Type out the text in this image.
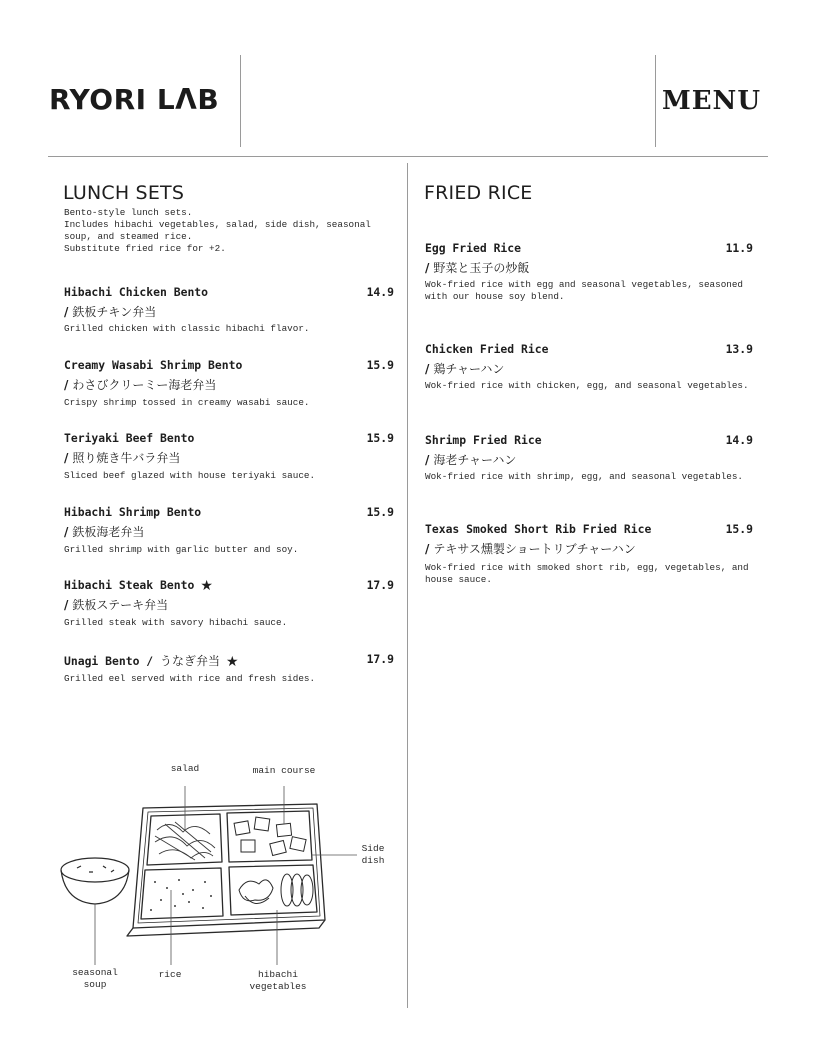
RYORI LΛB	MENU
LUNCH SETS
Bento-style lunch sets.
Includes hibachi vegetables, salad, side dish, seasonal
soup, and steamed rice.
Substitute fried rice for +2.
Hibachi Chicken Bento	14.9
/ 鉄板チキン弁当
Grilled chicken with classic hibachi flavor.
Creamy Wasabi Shrimp Bento	15.9
/ わさびクリーミー海老弁当
Crispy shrimp tossed in creamy wasabi sauce.
Teriyaki Beef Bento	15.9
/ 照り焼き牛バラ弁当
Sliced beef glazed with house teriyaki sauce.
Hibachi Shrimp Bento	15.9
/ 鉄板海老弁当
Grilled shrimp with garlic butter and soy.
Hibachi Steak Bento ★	17.9
/ 鉄板ステーキ弁当
Grilled steak with savory hibachi sauce.
Unagi Bento / うなぎ弁当 ★	17.9
Grilled eel served with rice and fresh sides.
salad	main course
Side
dish
seasonal
soup
rice	hibachi
vegetables
FRIED RICE
Egg Fried Rice	11.9
/ 野菜と玉子の炒飯
Wok-fried rice with egg and seasonal vegetables, seasoned with our house soy blend.
Chicken Fried Rice	13.9
/ 鶏チャーハン
Wok-fried rice with chicken, egg, and seasonal vegetables.
Shrimp Fried Rice	14.9
/ 海老チャーハン
Wok-fried rice with shrimp, egg, and seasonal vegetables.
Texas Smoked Short Rib Fried Rice	15.9
/ テキサス燻製ショートリブチャーハン
Wok-fried rice with smoked short rib, egg, vegetables, and house sauce.
